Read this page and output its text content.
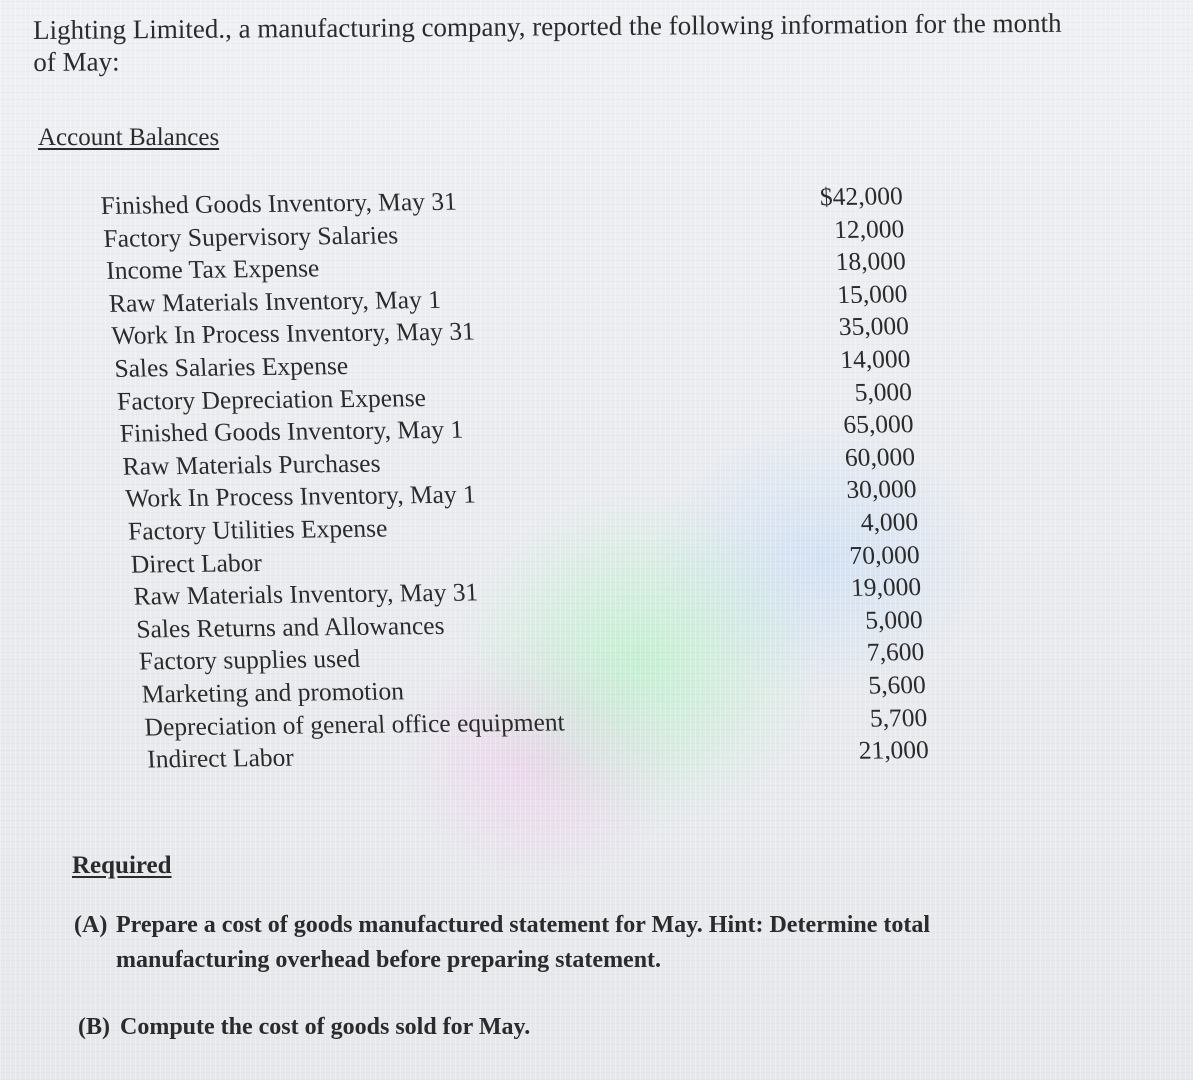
Lighting Limited., a manufacturing company, reported the following information for the month
of May:
Account Balances
Finished Goods Inventory, May 31	$42,000
Factory Supervisory Salaries	12,000
Income Tax Expense	18,000
Raw Materials Inventory, May 1	15,000
Work In Process Inventory, May 31	35,000
Sales Salaries Expense	14,000
Factory Depreciation Expense	5,000
Finished Goods Inventory, May 1	65,000
Raw Materials Purchases	60,000
Work In Process Inventory, May 1	30,000
Factory Utilities Expense	4,000
Direct Labor	70,000
Raw Materials Inventory, May 31	19,000
Sales Returns and Allowances	5,000
Factory supplies used	7,600
Marketing and promotion	5,600
Depreciation of general office equipment	5,700
Indirect Labor	21,000
Required
(A) Prepare a cost of goods manufactured statement for May. Hint: Determine total
manufacturing overhead before preparing statement.
(B) Compute the cost of goods sold for May.
